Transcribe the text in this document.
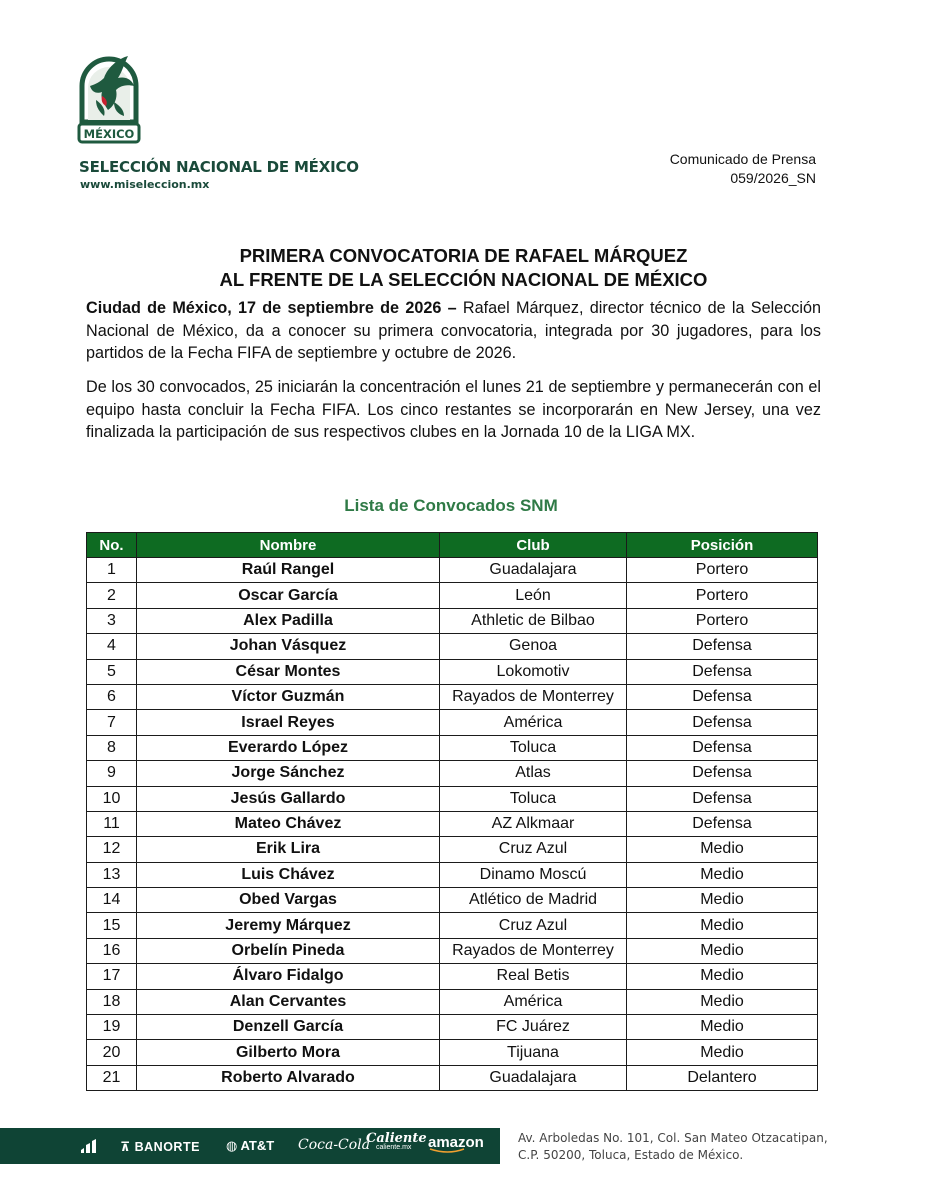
MÉXICO
SELECCIÓN NACIONAL DE MÉXICO
www.miseleccion.mx
Comunicado de Prensa
059/2026_SN
PRIMERA CONVOCATORIA DE RAFAEL MÁRQUEZ
AL FRENTE DE LA SELECCIÓN NACIONAL DE MÉXICO
Ciudad de México, 17 de septiembre de 2026 – Rafael Márquez, director técnico de la Selección Nacional de México, da a conocer su primera convocatoria, integrada por 30 jugadores, para los partidos de la Fecha FIFA de septiembre y octubre de 2026.
De los 30 convocados, 25 iniciarán la concentración el lunes 21 de septiembre y permanecerán con el equipo hasta concluir la Fecha FIFA. Los cinco restantes se incorporarán en New Jersey, una vez finalizada la participación de sus respectivos clubes en la Jornada 10 de la LIGA MX.
Lista de Convocados SNM
No.	Nombre	Club	Posición
1	Raúl Rangel	Guadalajara	Portero
2	Oscar García	León	Portero
3	Alex Padilla	Athletic de Bilbao	Portero
4	Johan Vásquez	Genoa	Defensa
5	César Montes	Lokomotiv	Defensa
6	Víctor Guzmán	Rayados de Monterrey	Defensa
7	Israel Reyes	América	Defensa
8	Everardo López	Toluca	Defensa
9	Jorge Sánchez	Atlas	Defensa
10	Jesús Gallardo	Toluca	Defensa
11	Mateo Chávez	AZ Alkmaar	Defensa
12	Erik Lira	Cruz Azul	Medio
13	Luis Chávez	Dinamo Moscú	Medio
14	Obed Vargas	Atlético de Madrid	Medio
15	Jeremy Márquez	Cruz Azul	Medio
16	Orbelín Pineda	Rayados de Monterrey	Medio
17	Álvaro Fidalgo	Real Betis	Medio
18	Alan Cervantes	América	Medio
19	Denzell García	FC Juárez	Medio
20	Gilberto Mora	Tijuana	Medio
21	Roberto Alvarado	Guadalajara	Delantero
⊼ BANORTE ◍ AT&T Coca-Cola
Caliente
caliente.mx	amazon	Av. Arboledas No. 101, Col. San Mateo Otzacatipan,
C.P. 50200, Toluca, Estado de México.
